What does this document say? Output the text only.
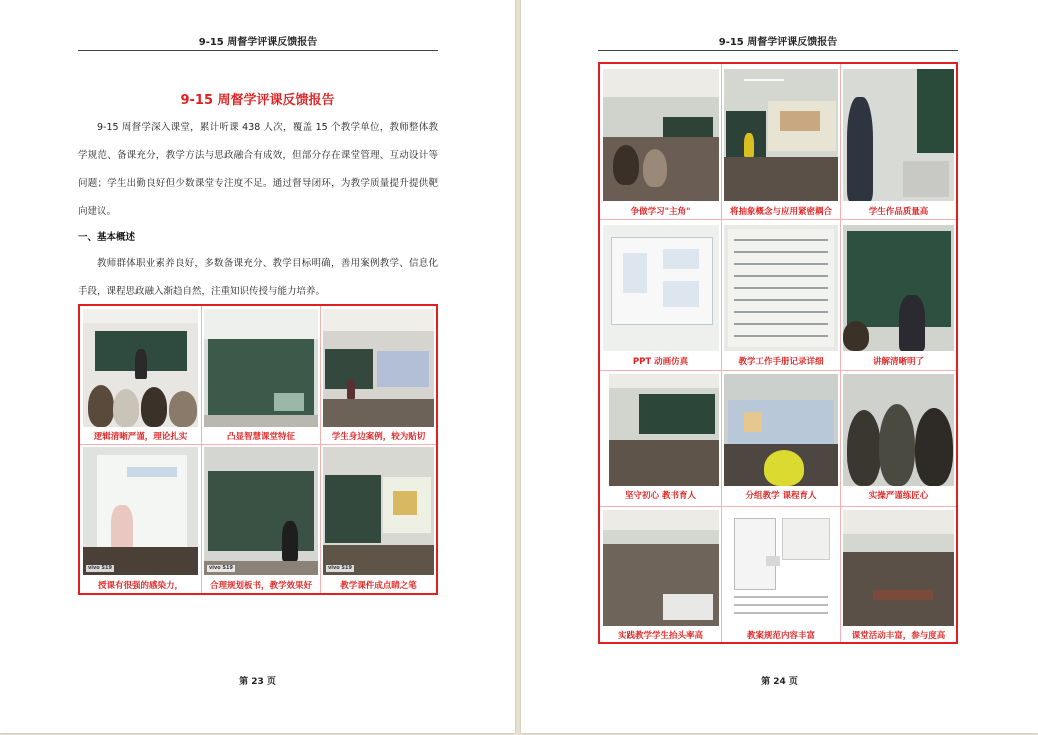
9-15 周督学评课反馈报告
9-15 周督学评课反馈报告

9-15 周督学深入课堂，累计听课 438 人次，覆盖 15 个教学单位，教师整体教学规范、备课充分，教学方法与思政融合有成效，但部分存在课堂管理、互动设计等问题；学生出勤良好但少数课堂专注度不足。通过督导闭环，为教学质量提升提供靶向建议。

一、基本概述

教师群体职业素养良好，多数备课充分、教学目标明确，善用案例教学、信息化手段，课程思政融入渐趋自然，注重知识传授与能力培养。

逻辑清晰严谨，理论扎实	凸显智慧课堂特征	学生身边案例，较为贴切
vivo S19
授课有很强的感染力，
vivo S19
合理规划板书，教学效果好
vivo S19
教学课件成点睛之笔
第 23 页
9-15 周督学评课反馈报告
争做学习"主角"	将抽象概念与应用紧密耦合	学生作品质量高
PPT 动画仿真	教学工作手册记录详细	讲解清晰明了
坚守初心 教书育人	分组教学 课程育人	实操严谨练匠心
实践教学学生抬头率高	教案规范内容丰富	课堂活动丰富，参与度高
第 24 页
